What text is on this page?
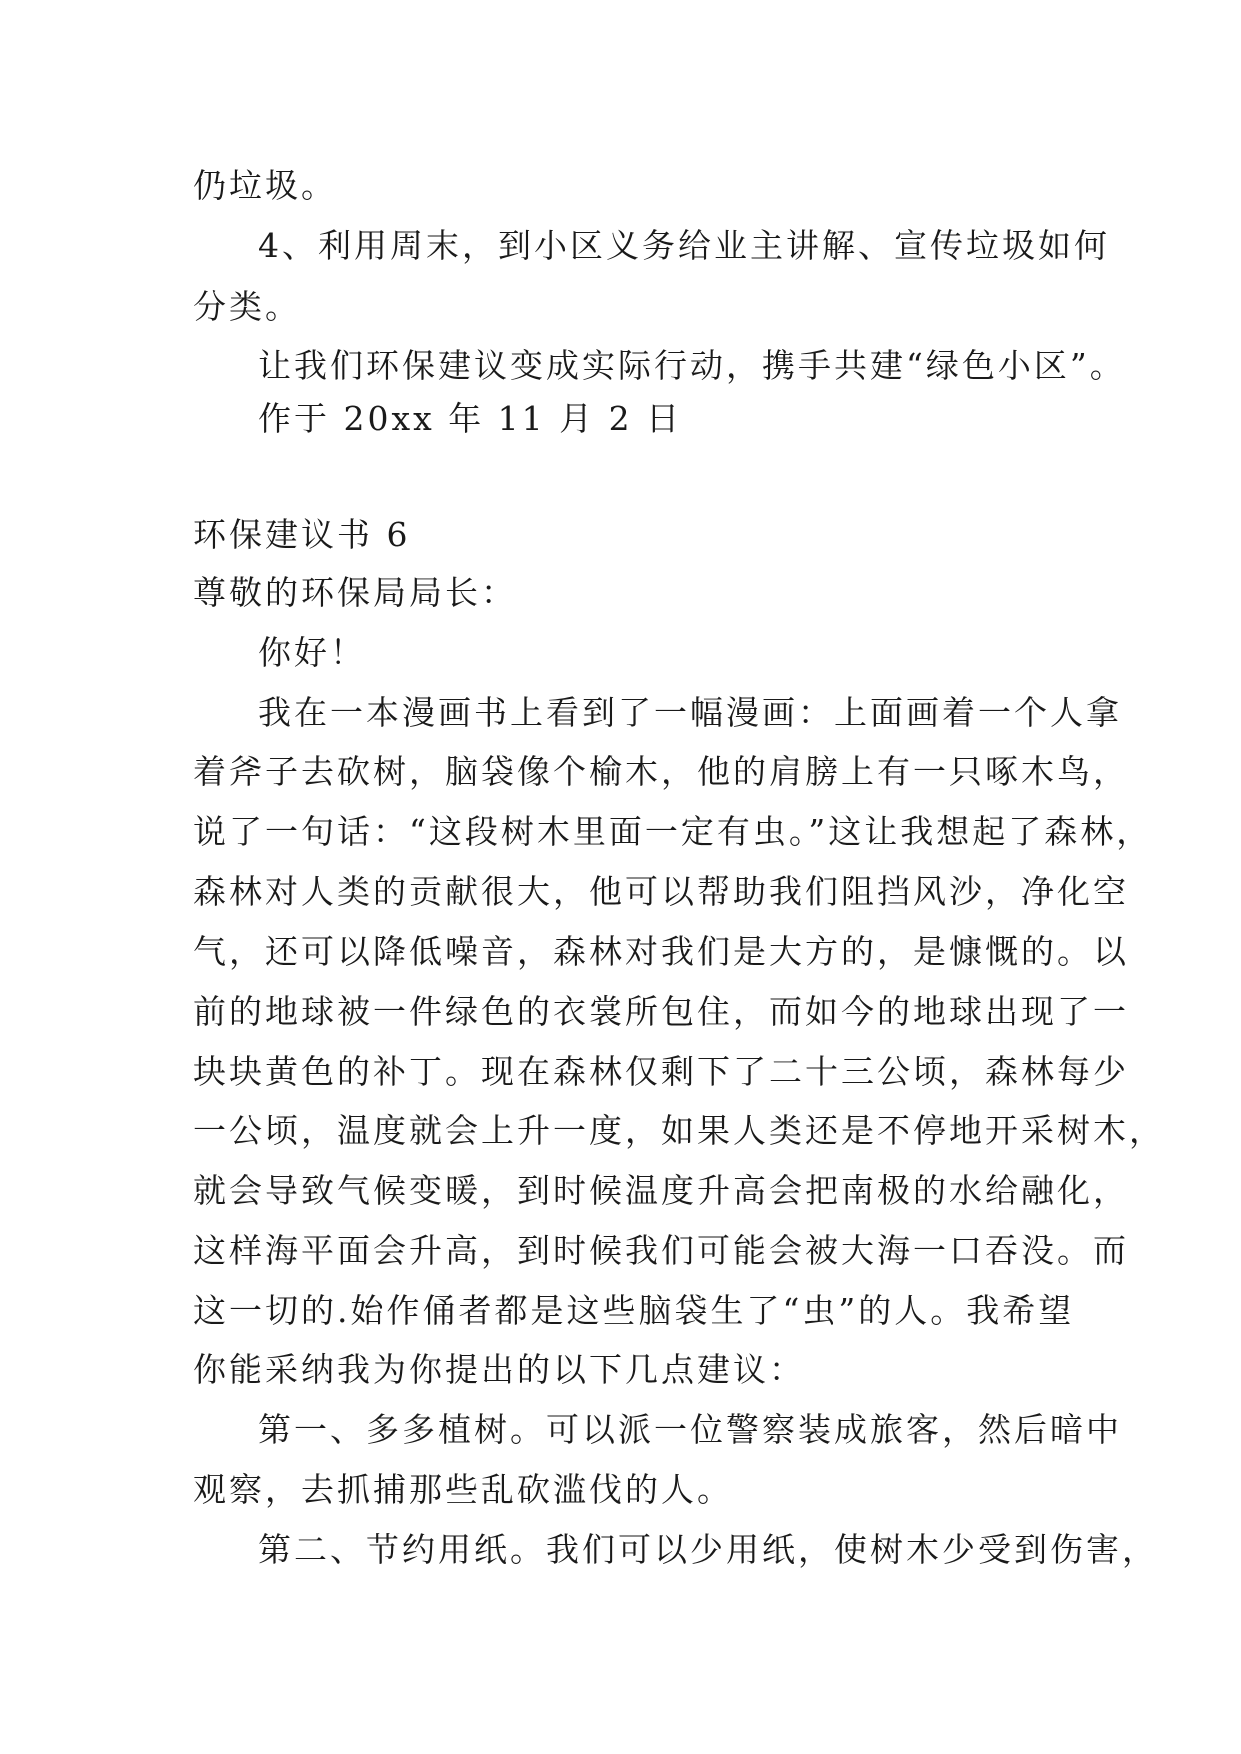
仍垃圾。
4、利用周末，到小区义务给业主讲解、宣传垃圾如何
分类。
让我们环保建议变成实际行动，携手共建“绿色小区”。
作于 20xx 年 11 月 2 日
环保建议书 6
尊敬的环保局局长：
你好！
我在一本漫画书上看到了一幅漫画：上面画着一个人拿
着斧子去砍树，脑袋像个榆木，他的肩膀上有一只啄木鸟，
说了一句话：“这段树木里面一定有虫。”这让我想起了森林，
森林对人类的贡献很大，他可以帮助我们阻挡风沙，净化空
气，还可以降低噪音，森林对我们是大方的，是慷慨的。以
前的地球被一件绿色的衣裳所包住，而如今的地球出现了一
块块黄色的补丁。现在森林仅剩下了二十三公顷，森林每少
一公顷，温度就会上升一度，如果人类还是不停地开采树木，
就会导致气候变暖，到时候温度升高会把南极的水给融化，
这样海平面会升高，到时候我们可能会被大海一口吞没。而
这一切的.始作俑者都是这些脑袋生了“虫”的人。我希望
你能采纳我为你提出的以下几点建议：
第一、多多植树。可以派一位警察装成旅客，然后暗中
观察，去抓捕那些乱砍滥伐的人。
第二、节约用纸。我们可以少用纸，使树木少受到伤害，
